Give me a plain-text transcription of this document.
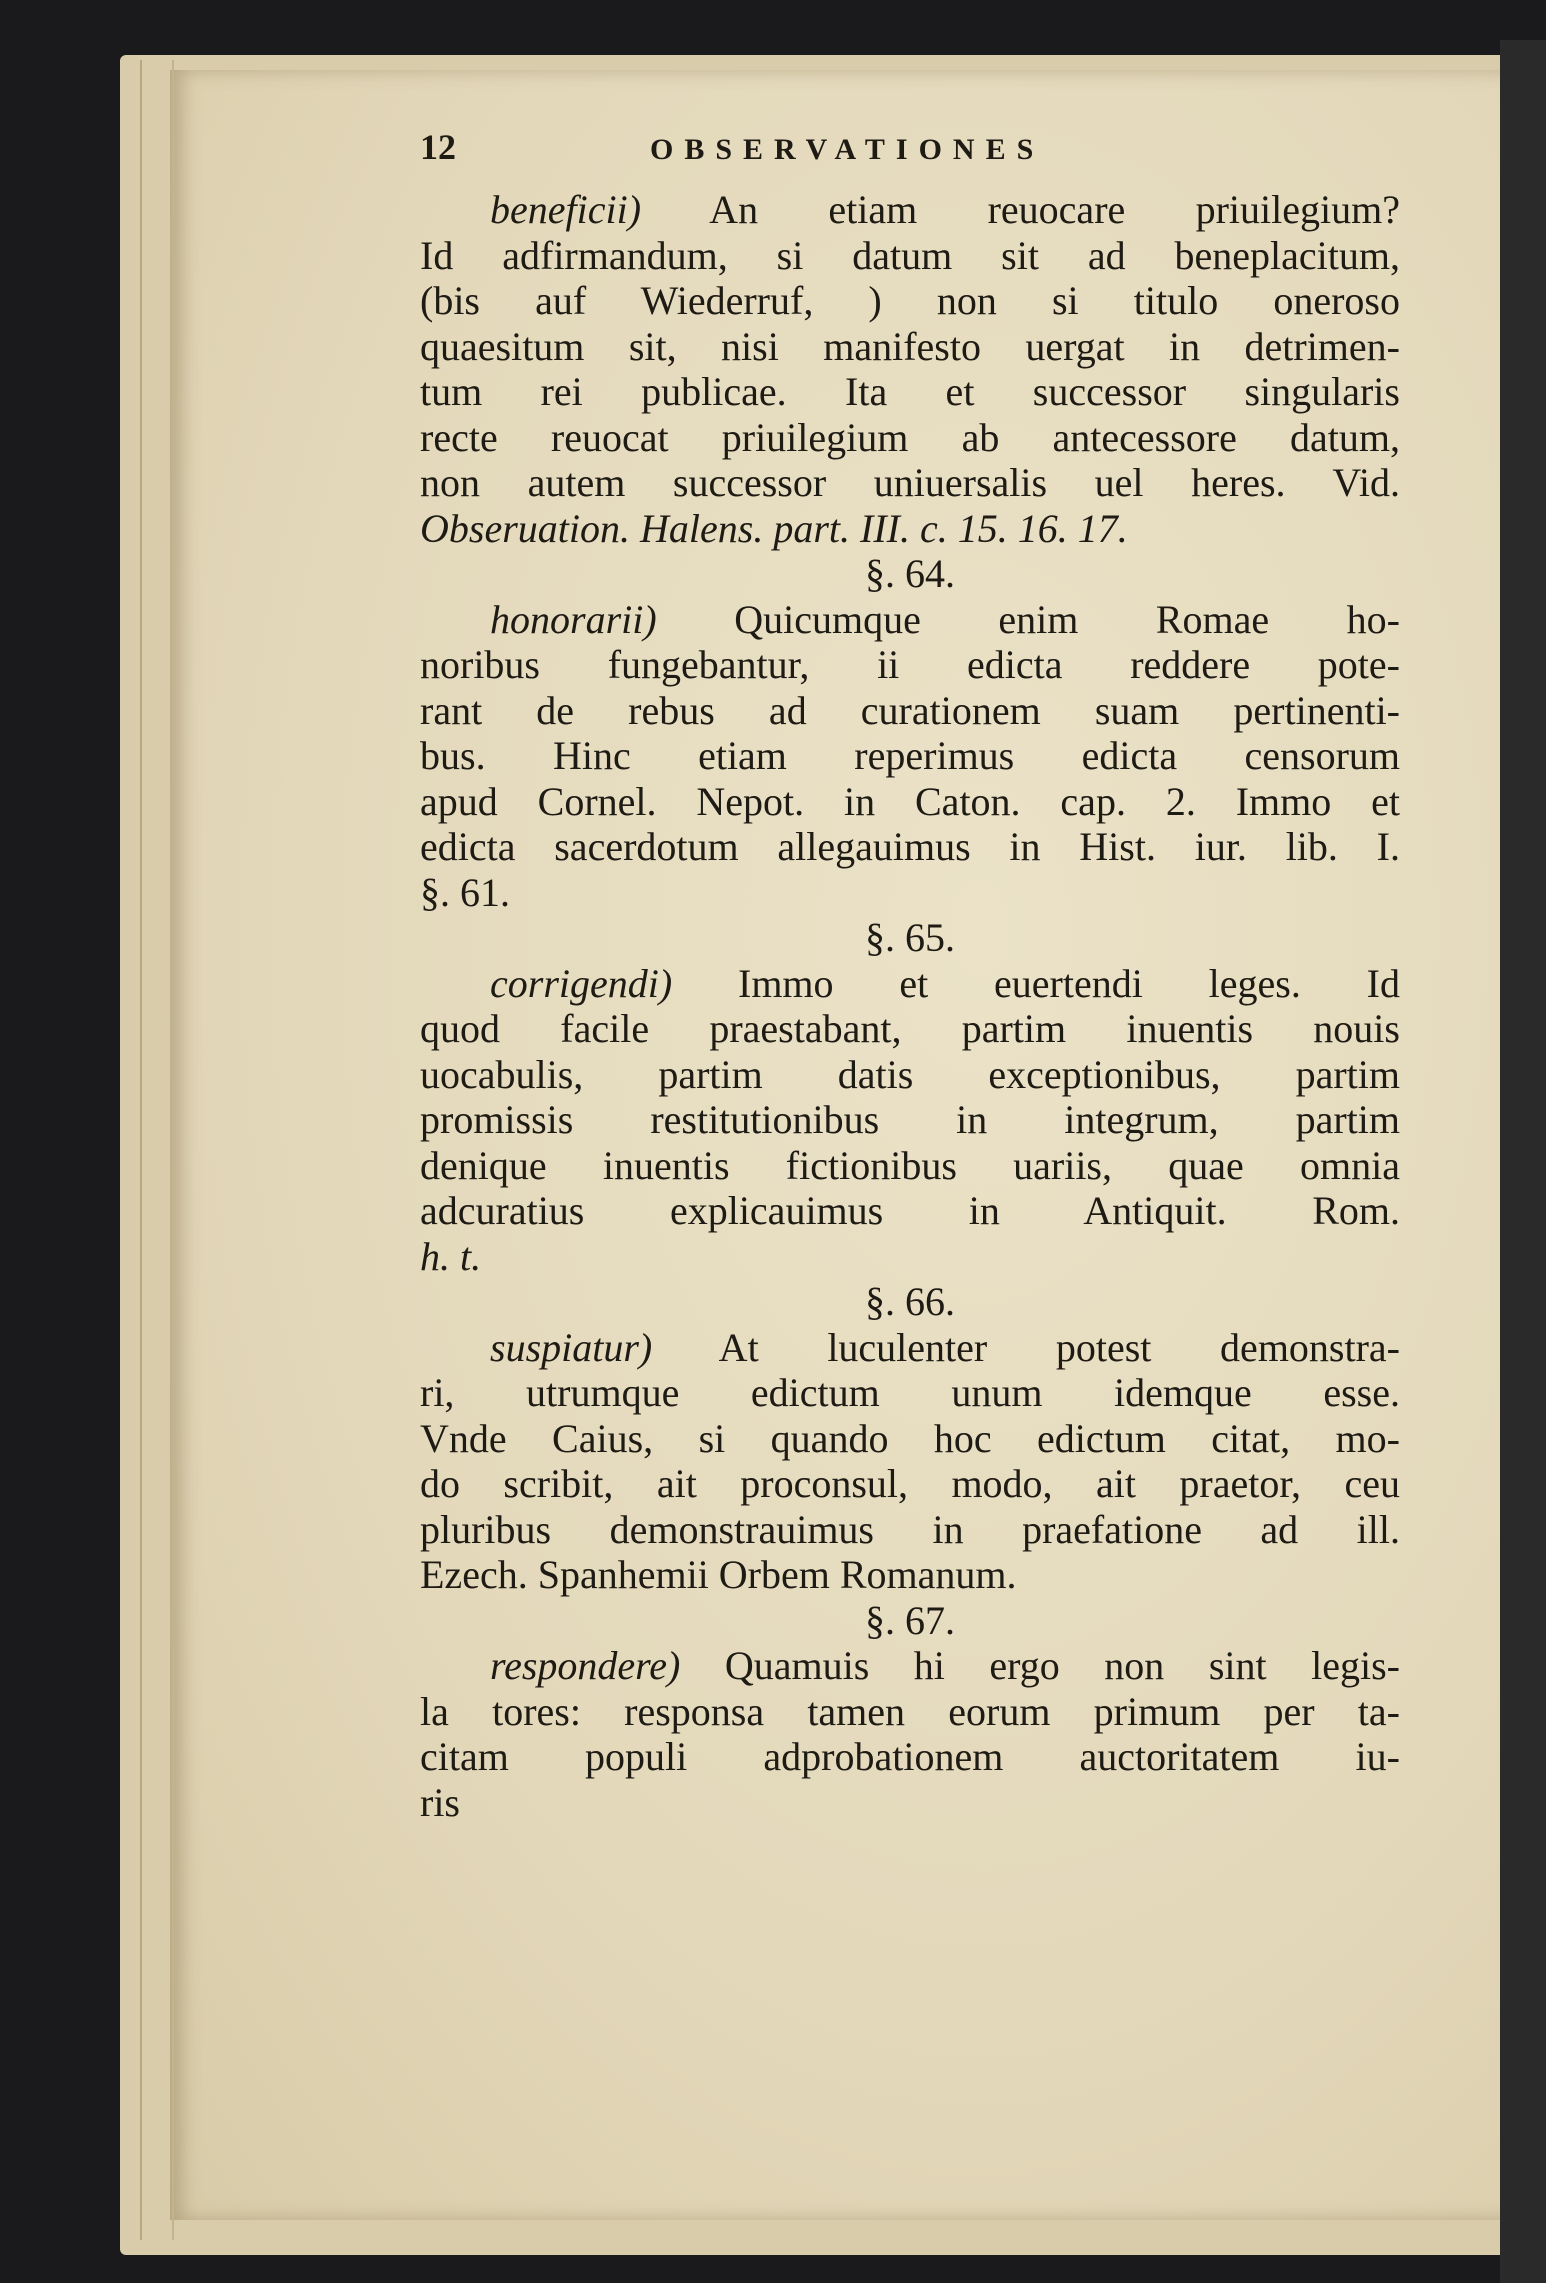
12	OBSERVATIONES
beneficii) An etiam reuocare priuilegium?
Id adfirmandum, si datum sit ad beneplacitum,
(bis auf Wiederruf, ) non si titulo oneroso
quaesitum sit, nisi manifesto uergat in detrimen-
tum rei publicae. Ita et successor singularis
recte reuocat priuilegium ab antecessore datum,
non autem successor uniuersalis uel heres. Vid.
Obseruation. Halens. part. III. c. 15. 16. 17.
§. 64.
honorarii) Quicumque enim Romae ho-
noribus fungebantur, ii edicta reddere pote-
rant de rebus ad curationem suam pertinenti-
bus. Hinc etiam reperimus edicta censorum
apud Cornel. Nepot. in Caton. cap. 2. Immo et
edicta sacerdotum allegauimus in Hist. iur. lib. I.
§. 61.
§. 65.
corrigendi) Immo et euertendi leges. Id
quod facile praestabant, partim inuentis nouis
uocabulis, partim datis exceptionibus, partim
promissis restitutionibus in integrum, partim
denique inuentis fictionibus uariis, quae omnia
adcuratius explicauimus in Antiquit. Rom.
h. t.
§. 66.
suspiatur) At luculenter potest demonstra-
ri, utrumque edictum unum idemque esse.
Vnde Caius, si quando hoc edictum citat, mo-
do scribit, ait proconsul, modo, ait praetor, ceu
pluribus demonstrauimus in praefatione ad ill.
Ezech. Spanhemii Orbem Romanum.
§. 67.
respondere) Quamuis hi ergo non sint legis-
la tores: responsa tamen eorum primum per ta-
citam populi adprobationem auctoritatem iu-
ris
